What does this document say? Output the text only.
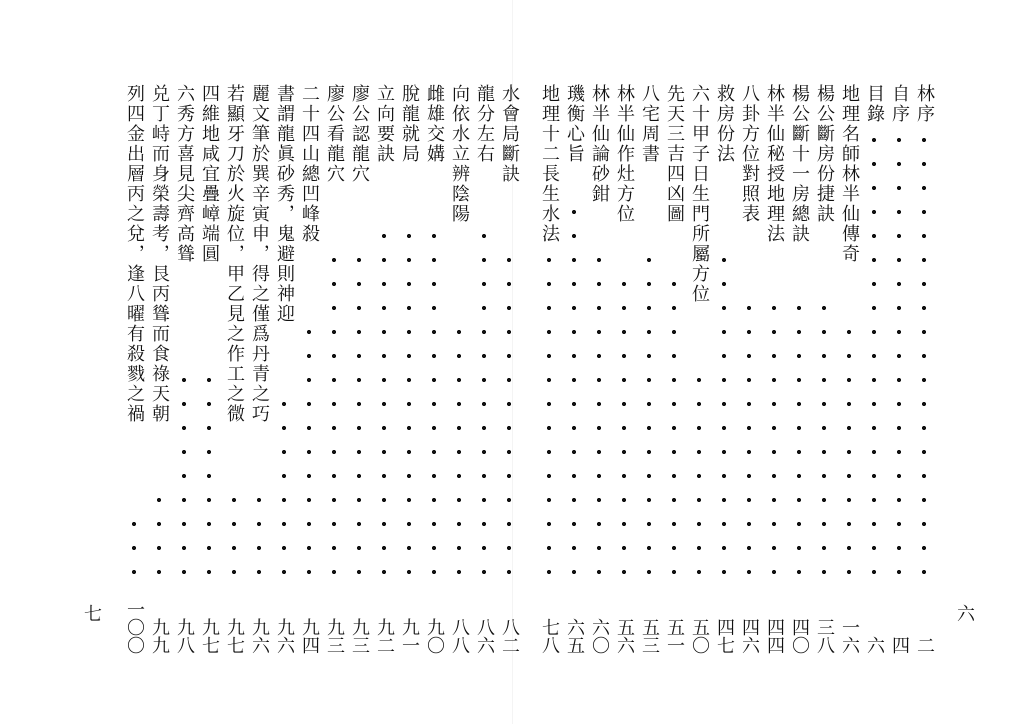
七
水會局斷訣
八二
龍分左右
八六
向依水立辨陰陽
八八
雌雄交媾
九〇
脫龍就局
九一
立向要訣
九二
廖公認龍穴
九三
廖公看龍穴
九三
二十四山總凹峰殺
九四
書謂龍眞砂秀，鬼避則神迎
九六
麗文筆於巽辛寅申，得之僅爲丹青之巧
九六
若顯牙刀於火旋位，甲乙見之作工之微
九七
四維地咸宜疊嶂端圓
九七
六秀方喜見尖齊高聳
九八
兑丁峙而身榮壽考，艮丙聳而食祿天朝
九九
列四金出層丙之兌，逢八曜有殺戮之禍
一〇〇	六
林序
二
自序
四
目錄
六
地理名師林半仙傳奇
一六
楊公斷房份捷訣
三八
楊公斷十一房總訣
四〇
林半仙秘授地理法
四四
八卦方位對照表
四六
救房份法
四七
六十甲子日生門所屬方位
五〇
先天三吉四凶圖
五一
八宅周書
五三
林半仙作灶方位
五六
林半仙論砂鉗
六〇
璣衡心旨
六五
地理十二長生水法
七八
